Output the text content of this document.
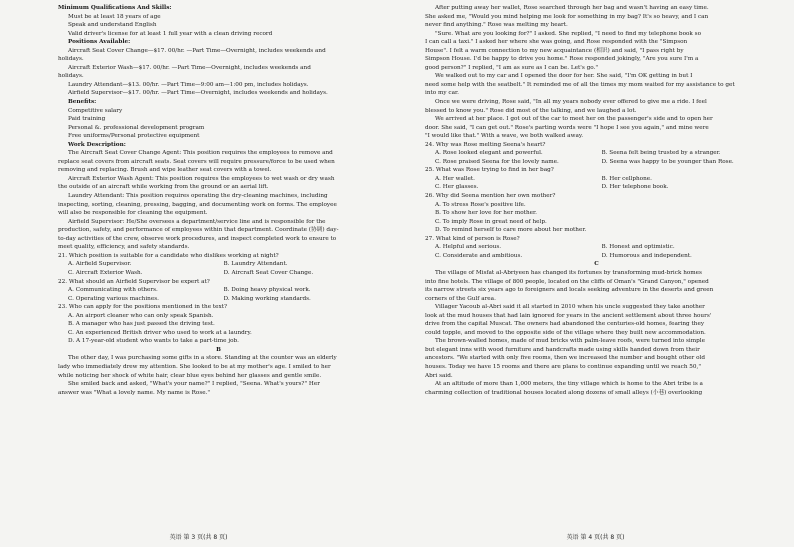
Minimum Qualifications And Skills:
Must be at least 18 years of age
Speak and understand English
Valid driver's license for at least 1 full year with a clean driving record
Positions Available:
Aircraft Seat Cover Change—$17. 00/hr. —Part Time—Overnight, includes weekends and
holidays.
Aircraft Exterior Wash—$17. 00/hr. —Part Time—Overnight, includes weekends and
holidays.
Laundry Attendant—$13. 00/hr. —Part Time—9:00 am—1:00 pm, includes holidays.
Airfield Supervisor—$17. 00/hr. —Part Time—Overnight, includes weekends and holidays.
Benefits:
Competitive salary
Paid training
Personal &. professional development program
Free uniforms/Personal protective equipment
Work Description:
The Aircraft Seat Cover Change Agent: This position requires the employees to remove and
replace seat covers from aircraft seats. Seat covers will require pressure/force to be used when
removing and replacing. Brush and wipe leather seat covers with a towel.
Aircraft Exterior Wash Agent: This position requires the employees to wet wash or dry wash
the outside of an aircraft while working from the ground or an aerial lift.
Laundry Attendant: This position requires operating the dry-cleaning machines, including
inspecting, sorting, cleaning, pressing, bagging, and documenting work on forms. The employee
will also be responsible for cleaning the equipment.
Airfield Supervisor: He/She oversees a department/service line and is responsible for the
production, safety, and performance of employees within that department. Coordinate (协调) day-
to-day activities of the crew, observe work procedures, and inspect completed work to ensure to
meet quality, efficiency, and safety standards.
21. Which position is suitable for a candidate who dislikes working at night?
A. Airfield Supervisor.	B. Laundry Attendant.
C. Aircraft Exterior Wash.	D. Aircraft Seat Cover Change.
22. What should an Airfield Supervisor be expert at?
A. Communicating with others.	B. Doing heavy physical work.
C. Operating various machines.	D. Making working standards.
23. Who can apply for the positions mentioned in the text?
A. An airport cleaner who can only speak Spanish.
B. A manager who has just passed the driving test.
C. An experienced British driver who used to work at a laundry.
D. A 17-year-old student who wants to take a part-time job.
B
The other day, I was purchasing some gifts in a store. Standing at the counter was an elderly
lady who immediately drew my attention. She looked to be at my mother's age. I smiled to her
while noticing her shock of white hair, clear blue eyes behind her glasses and gentle smile.
She smiled back and asked, "What's your name?" I replied, "Seena. What's yours?" Her
answer was "What a lovely name. My name is Rose."
英语 第 3 页(共 8 页)
After putting away her wallet, Rose searched through her bag and wasn't having an easy time.
She asked me, "Would you mind helping me look for something in my bag? It's so heavy, and I can
never find anything." Rose was melting my heart.
"Sure. What are you looking for?" I asked. She replied, "I need to find my telephone book so
I can call a taxi." I asked her where she was going, and Rose responded with the "Simpson
House". I felt a warm connection to my new acquaintance (相识) and said, "I pass right by
Simpson House. I'd be happy to drive you home." Rose responded jokingly, "Are you sure I'm a
good person?" I replied, "I am as sure as I can be. Let's go."
We walked out to my car and I opened the door for her. She said, "I'm OK getting in but I
need some help with the seatbelt." It reminded me of all the times my mom waited for my assistance to get
into my car.
Once we were driving, Rose said, "In all my years nobody ever offered to give me a ride. I feel
blessed to know you." Rose did most of the talking, and we laughed a lot.
We arrived at her place. I got out of the car to meet her on the passenger's side and to open her
door. She said, "I can get out." Rose's parting words were "I hope I see you again," and mine were
"I would like that." With a wave, we both walked away.
24. Why was Rose melting Seena's heart?
A. Rose looked elegant and powerful.	B. Seena felt being trusted by a stranger.
C. Rose praised Seena for the lovely name.	D. Seena was happy to be younger than Rose.
25. What was Rose trying to find in her bag?
A. Her wallet.	B. Her cellphone.
C. Her glasses.	D. Her telephone book.
26. Why did Seena mention her own mother?
A. To stress Rose's positive life.
B. To show her love for her mother.
C. To imply Rose in great need of help.
D. To remind herself to care more about her mother.
27. What kind of person is Rose?
A. Helpful and serious.	B. Honest and optimistic.
C. Considerate and ambitious.	D. Humorous and independent.
C
The village of Misfat al-Abriyeen has changed its fortunes by transforming mud-brick homes
into fine hotels. The village of 800 people, located on the cliffs of Oman's "Grand Canyon," opened
its narrow streets six years ago to foreigners and locals seeking adventure in the deserts and green
corners of the Gulf area.
Villager Yacoub al-Abri said it all started in 2010 when his uncle suggested they take another
look at the mud houses that had lain ignored for years in the ancient settlement about three hours'
drive from the capital Muscat. The owners had abandoned the centuries-old homes, fearing they
could topple, and moved to the opposite side of the village where they built new accommodation.
The brown-walled homes, made of mud bricks with palm-leave roofs, were turned into simple
but elegant inns with wood furniture and handcrafts made using skills handed down from their
ancestors. "We started with only five rooms, then we increased the number and bought other old
houses. Today we have 15 rooms and there are plans to continue expanding until we reach 50,"
Abri said.
At an altitude of more than 1,000 meters, the tiny village which is home to the Abri tribe is a
charming collection of traditional houses located along dozens of small alleys (小巷) overlooking
英语 第 4 页(共 8 页)
